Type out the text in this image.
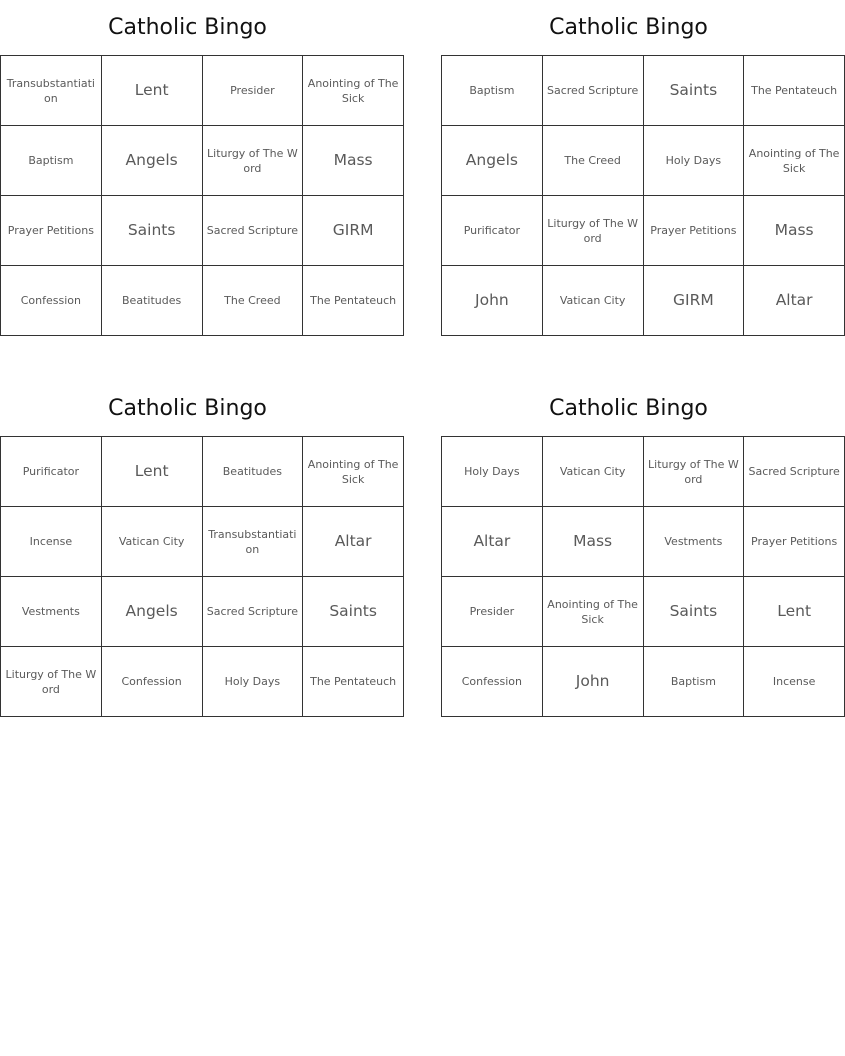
Catholic Bingo
Transubstantiation	Lent	Presider	Anointing of The Sick
Baptism	Angels	Liturgy of The Word	Mass
Prayer Petitions	Saints	Sacred Scripture	GIRM
Confession	Beatitudes	The Creed	The Pentateuch
Catholic Bingo
Baptism	Sacred Scripture	Saints	The Pentateuch
Angels	The Creed	Holy Days	Anointing of The Sick
Purificator	Liturgy of The Word	Prayer Petitions	Mass
John	Vatican City	GIRM	Altar
Catholic Bingo
Purificator	Lent	Beatitudes	Anointing of The Sick
Incense	Vatican City	Transubstantiation	Altar
Vestments	Angels	Sacred Scripture	Saints
Liturgy of The Word	Confession	Holy Days	The Pentateuch
Catholic Bingo
Holy Days	Vatican City	Liturgy of The Word	Sacred Scripture
Altar	Mass	Vestments	Prayer Petitions
Presider	Anointing of The Sick	Saints	Lent
Confession	John	Baptism	Incense
